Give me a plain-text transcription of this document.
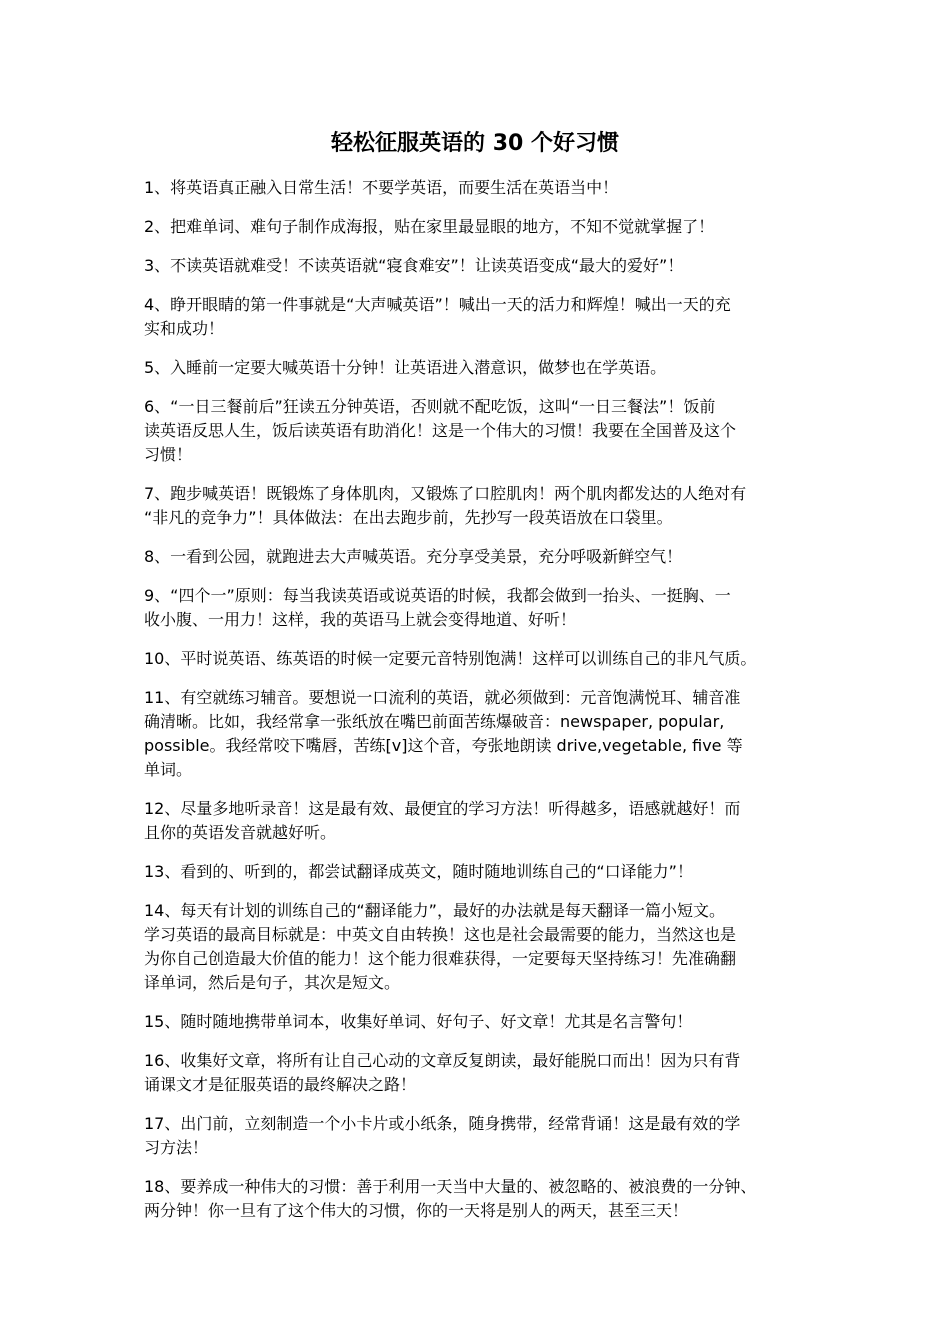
轻松征服英语的 30 个好习惯

1、将英语真正融入日常生活！不要学英语，而要生活在英语当中！

2、把难单词、难句子制作成海报，贴在家里最显眼的地方，不知不觉就掌握了！

3、不读英语就难受！不读英语就“寝食难安”！让读英语变成“最大的爱好”！

4、睁开眼睛的第一件事就是“大声喊英语”！喊出一天的活力和辉煌！喊出一天的充
实和成功！

5、入睡前一定要大喊英语十分钟！让英语进入潜意识，做梦也在学英语。

6、“一日三餐前后”狂读五分钟英语，否则就不配吃饭，这叫“一日三餐法”！饭前
读英语反思人生，饭后读英语有助消化！这是一个伟大的习惯！我要在全国普及这个
习惯！

7、跑步喊英语！既锻炼了身体肌肉，又锻炼了口腔肌肉！两个肌肉都发达的人绝对有
“非凡的竞争力”！具体做法：在出去跑步前，先抄写一段英语放在口袋里。

8、一看到公园，就跑进去大声喊英语。充分享受美景，充分呼吸新鲜空气！

9、“四个一”原则：每当我读英语或说英语的时候，我都会做到一抬头、一挺胸、一
收小腹、一用力！这样，我的英语马上就会变得地道、好听！

10、平时说英语、练英语的时候一定要元音特别饱满！这样可以训练自己的非凡气质。

11、有空就练习辅音。要想说一口流利的英语，就必须做到：元音饱满悦耳、辅音准
确清晰。比如，我经常拿一张纸放在嘴巴前面苦练爆破音：newspaper, popular,
possible。我经常咬下嘴唇，苦练[v]这个音，夸张地朗读 drive,vegetable, five 等
单词。

12、尽量多地听录音！这是最有效、最便宜的学习方法！听得越多，语感就越好！而
且你的英语发音就越好听。

13、看到的、听到的，都尝试翻译成英文，随时随地训练自己的“口译能力”！

14、每天有计划的训练自己的“翻译能力”，最好的办法就是每天翻译一篇小短文。
学习英语的最高目标就是：中英文自由转换！这也是社会最需要的能力，当然这也是
为你自己创造最大价值的能力！这个能力很难获得，一定要每天坚持练习！先准确翻
译单词，然后是句子，其次是短文。

15、随时随地携带单词本，收集好单词、好句子、好文章！尤其是名言警句！

16、收集好文章，将所有让自己心动的文章反复朗读，最好能脱口而出！因为只有背
诵课文才是征服英语的最终解决之路！

17、出门前，立刻制造一个小卡片或小纸条，随身携带，经常背诵！这是最有效的学
习方法！

18、要养成一种伟大的习惯：善于利用一天当中大量的、被忽略的、被浪费的一分钟、
两分钟！你一旦有了这个伟大的习惯，你的一天将是别人的两天，甚至三天！
